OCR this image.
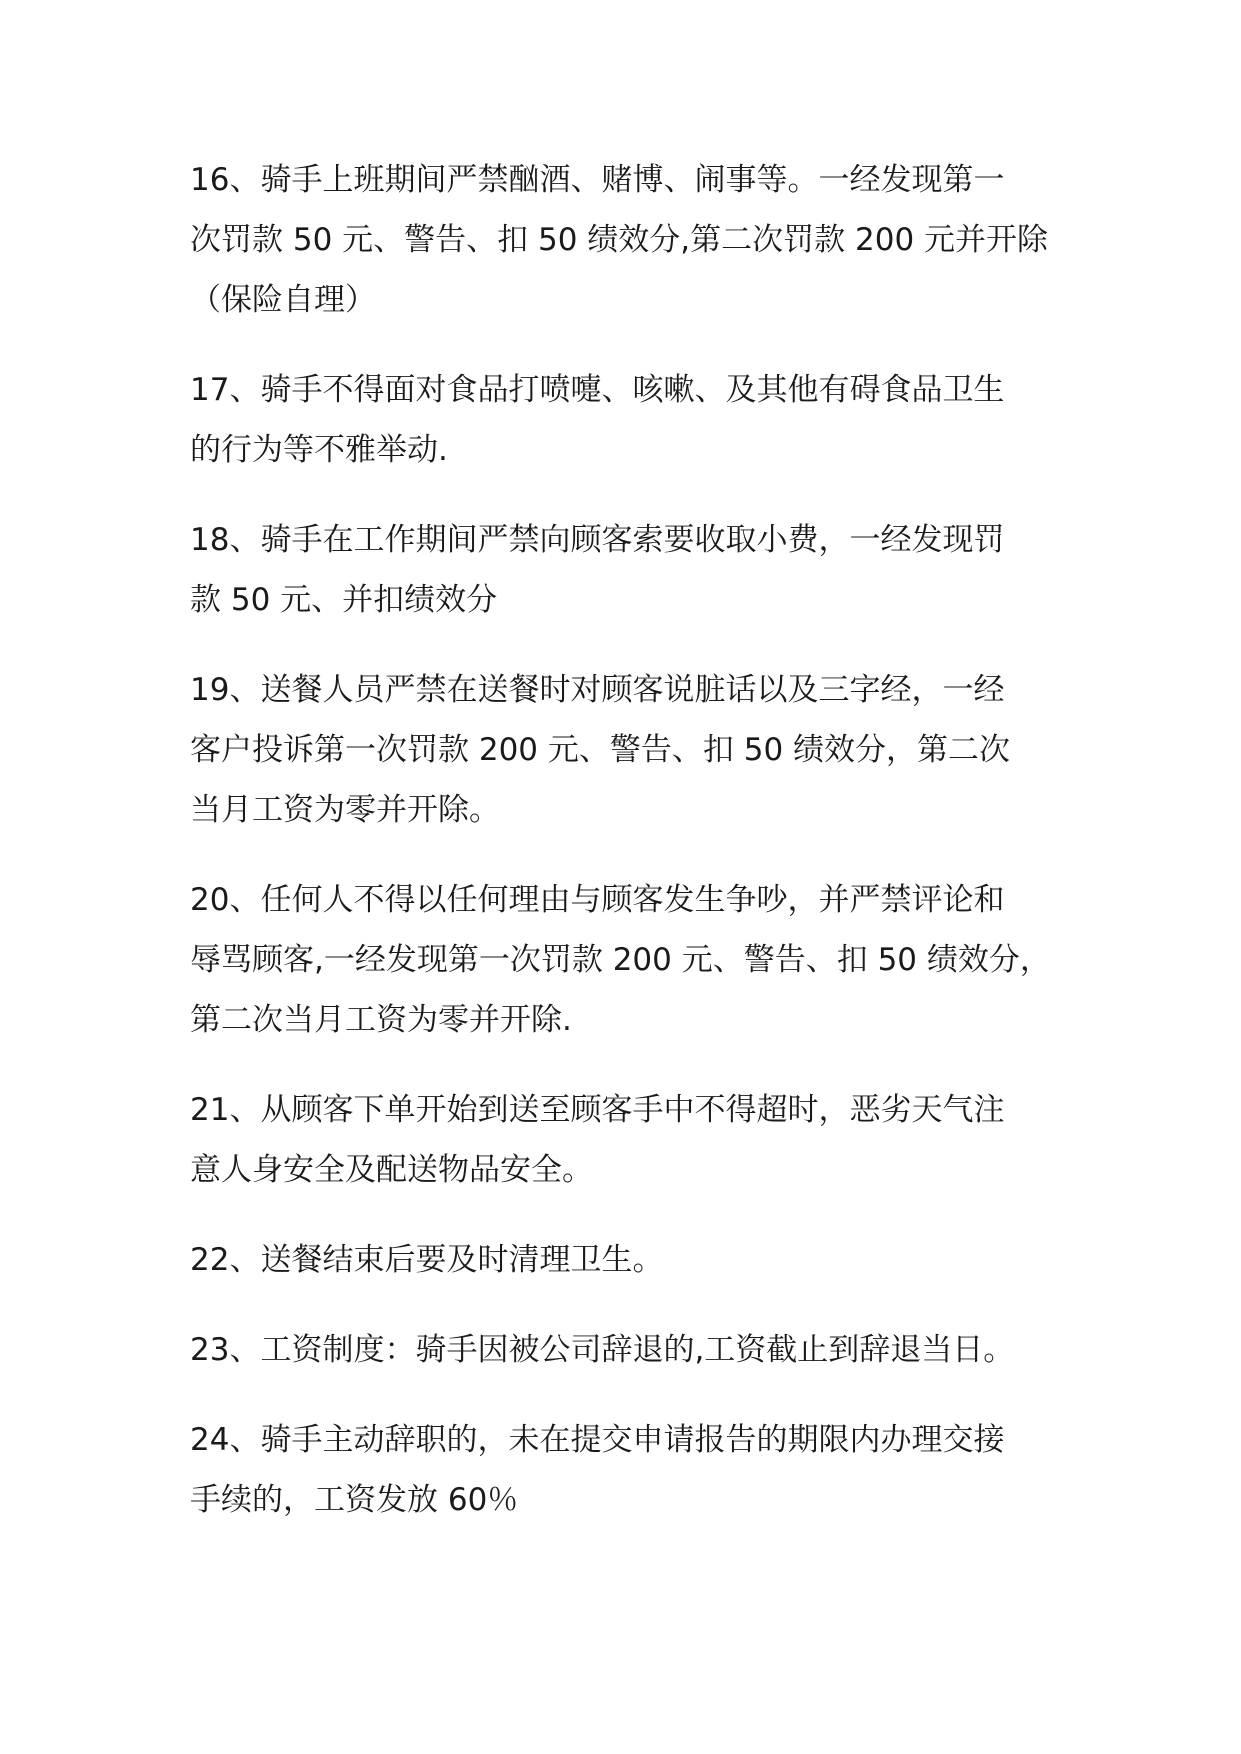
16、骑手上班期间严禁酗酒、赌博、闹事等。一经发现第一
次罚款 50 元、警告、扣 50 绩效分,第二次罚款 200 元并开除
（保险自理）
17、骑手不得面对食品打喷嚏、咳嗽、及其他有碍食品卫生
的行为等不雅举动.
18、骑手在工作期间严禁向顾客索要收取小费，一经发现罚
款 50 元、并扣绩效分
19、送餐人员严禁在送餐时对顾客说脏话以及三字经，一经
客户投诉第一次罚款 200 元、警告、扣 50 绩效分，第二次
当月工资为零并开除。
20、任何人不得以任何理由与顾客发生争吵，并严禁评论和
辱骂顾客,一经发现第一次罚款 200 元、警告、扣 50 绩效分，
第二次当月工资为零并开除.
21、从顾客下单开始到送至顾客手中不得超时，恶劣天气注
意人身安全及配送物品安全。
22、送餐结束后要及时清理卫生。
23、工资制度：骑手因被公司辞退的,工资截止到辞退当日。
24、骑手主动辞职的，未在提交申请报告的期限内办理交接
手续的，工资发放 60％
